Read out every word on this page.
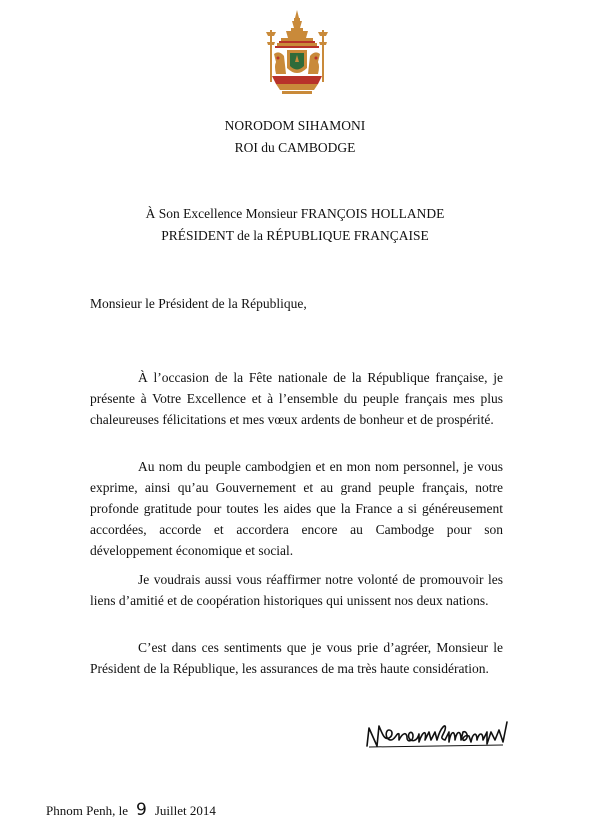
NORODOM SIHAMONI
ROI du CAMBODGE
À Son Excellence Monsieur FRANÇOIS HOLLANDE
PRÉSIDENT de la RÉPUBLIQUE FRANÇAISE
Monsieur le Président de la République,

À l’occasion de la Fête nationale de la République française, je présente à Votre Excellence et à l’ensemble du peuple français mes plus chaleureuses félicitations et mes vœux ardents de bonheur et de prospérité.

Au nom du peuple cambodgien et en mon nom personnel, je vous exprime, ainsi qu’au Gouvernement et au grand peuple français, notre profonde gratitude pour toutes les aides que la France a si généreusement accordées, accorde et accordera encore au Cambodge pour son développement économique et social.

Je voudrais aussi vous réaffirmer notre volonté de promouvoir les liens d’amitié et de coopération historiques qui unissent nos deux nations.

C’est dans ces sentiments que je vous prie d’agréer, Monsieur le Président de la République, les assurances de ma très haute considération.

Phnom Penh, le 9 Juillet 2014
